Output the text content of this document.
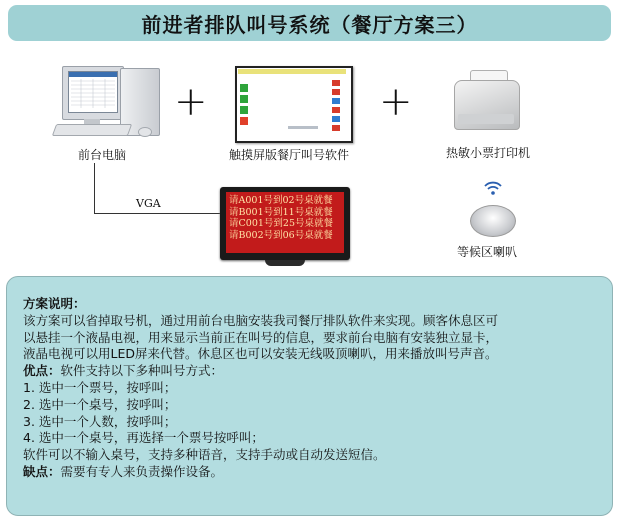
前进者排队叫号系统（餐厅方案三）
前台电脑
+
触摸屏版餐厅叫号软件
+
热敏小票打印机
VGA	请A001号到02号桌就餐
请B001号到11号桌就餐
请C001号到25号桌就餐
请B002号到06号桌就餐
等候区喇叭

方案说明：

该方案可以省掉取号机，通过用前台电脑安装我司餐厅排队软件来实现。顾客休息区可

以悬挂一个液晶电视，用来显示当前正在叫号的信息，要求前台电脑有安装独立显卡，

液晶电视可以用LED屏来代替。休息区也可以安装无线吸顶喇叭，用来播放叫号声音。

优点：软件支持以下多种叫号方式：

1. 选中一个票号，按呼叫；

2. 选中一个桌号，按呼叫；

3. 选中一个人数，按呼叫；

4. 选中一个桌号，再选择一个票号按呼叫；

软件可以不输入桌号，支持多种语音，支持手动或自动发送短信。

缺点：需要有专人来负责操作设备。
